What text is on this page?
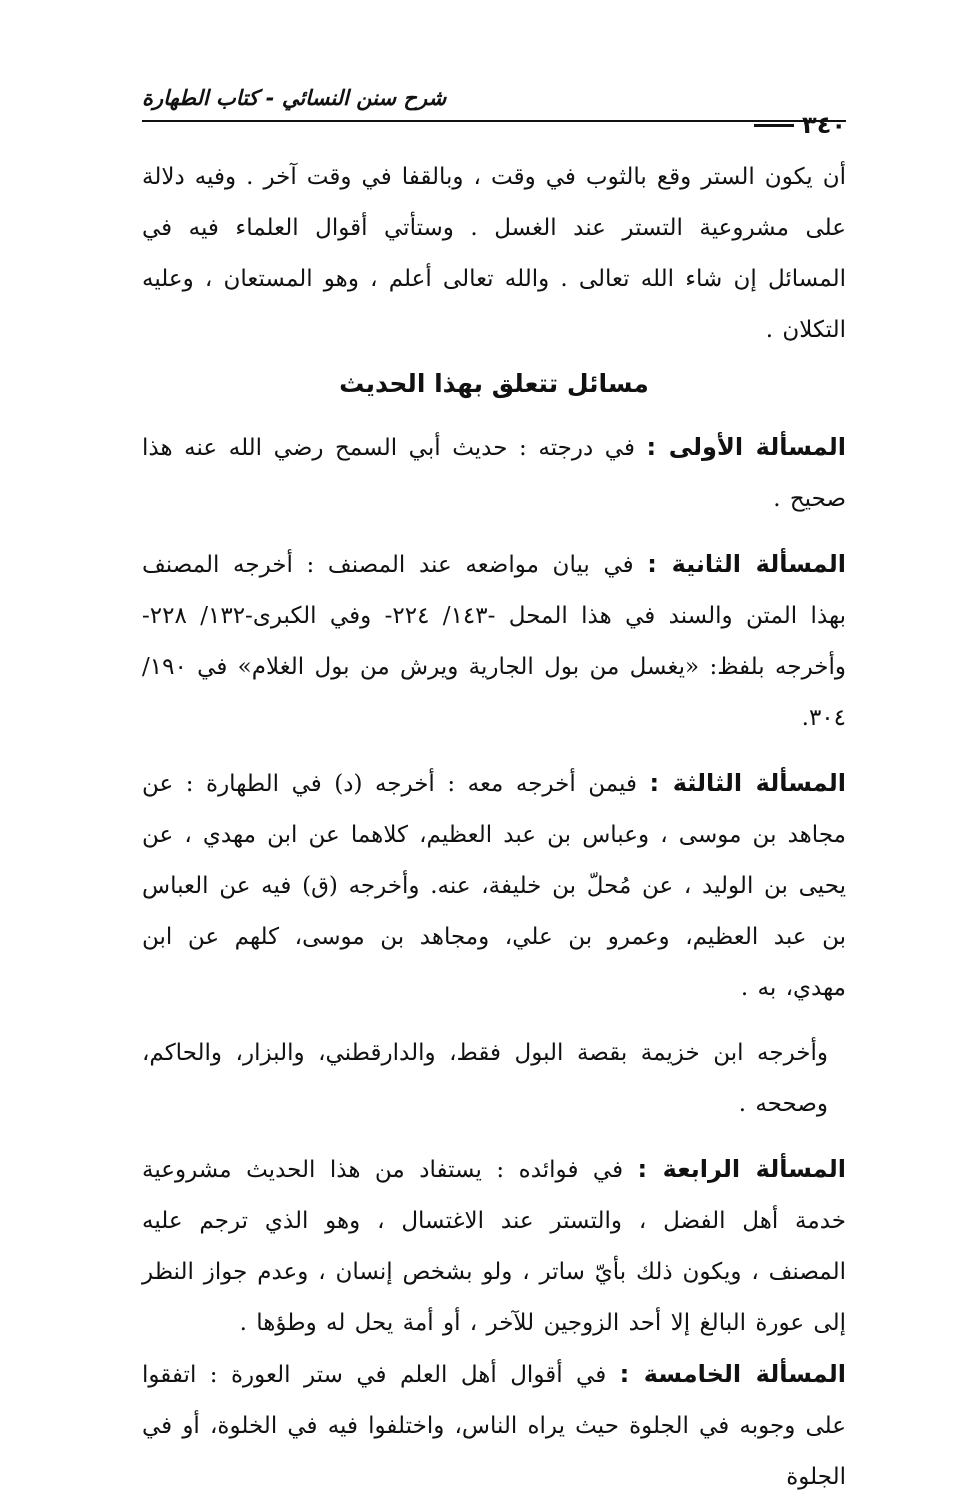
شرح سنن النسائي - كتاب الطهارة
٣٤٠

أن يكون الستر وقع بالثوب في وقت ، وبالقفا في وقت آخر . وفيه دلالة على مشروعية التستر عند الغسل . وستأتي أقوال العلماء فيه في المسائل إن شاء الله تعالى . والله تعالى أعلم ، وهو المستعان ، وعليه التكلان .

مسائل تتعلق بهذا الحديث

المسألة الأولى : في درجته : حديث أبي السمح رضي الله عنه هذا صحيح .

المسألة الثانية : في بيان مواضعه عند المصنف : أخرجه المصنف بهذا المتن والسند في هذا المحل -١٤٣/ ٢٢٤- وفي الكبرى-١٣٢/ ٢٢٨- وأخرجه بلفظ: «يغسل من بول الجارية ويرش من بول الغلام» في ١٩٠/ ٣٠٤.

المسألة الثالثة : فيمن أخرجه معه : أخرجه (د) في الطهارة : عن مجاهد بن موسى ، وعباس بن عبد العظيم، كلاهما عن ابن مهدي ، عن يحيى بن الوليد ، عن مُحلّ بن خليفة، عنه. وأخرجه (ق) فيه عن العباس بن عبد العظيم، وعمرو بن علي، ومجاهد بن موسى، كلهم عن ابن مهدي، به .

وأخرجه ابن خزيمة بقصة البول فقط، والدارقطني، والبزار، والحاكم، وصححه .

المسألة الرابعة : في فوائده : يستفاد من هذا الحديث مشروعية خدمة أهل الفضل ، والتستر عند الاغتسال ، وهو الذي ترجم عليه المصنف ، ويكون ذلك بأيّ ساتر ، ولو بشخص إنسان ، وعدم جواز النظر إلى عورة البالغ إلا أحد الزوجين للآخر ، أو أمة يحل له وطؤها .

المسألة الخامسة : في أقوال أهل العلم في ستر العورة : اتفقوا على وجوبه في الجلوة حيث يراه الناس، واختلفوا فيه في الخلوة، أو في الجلوة
